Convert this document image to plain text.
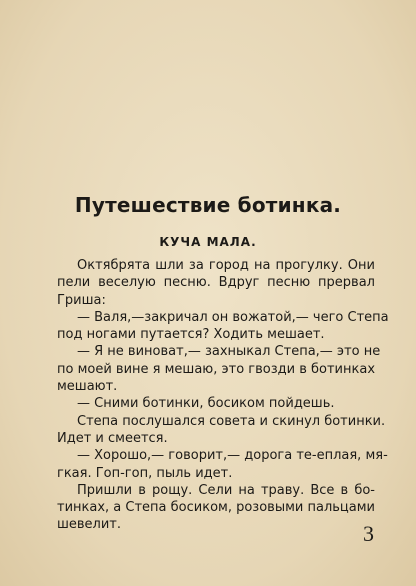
Путешествие ботинка.
КУЧА МАЛА.
Октябрята шли за город на прогулку. Они
пели веселую песню. Вдруг песню прервал
Гриша:
— Валя,—закричал он вожатой,— чего Степа
под ногами путается? Ходить мешает.
— Я не виноват,— захныкал Степа,— это не
по моей вине я мешаю, это гвозди в ботинках
мешают.
— Сними ботинки, босиком пойдешь.
Степа послушался совета и скинул ботинки.
Идет и смеется.
— Хорошо,— говорит,— дорога те-еплая, мя-
гкая. Гоп-гоп, пыль идет.
Пришли в рощу. Сели на траву. Все в бо-
тинках, а Степа босиком, розовыми пальцами
шевелит.	3
